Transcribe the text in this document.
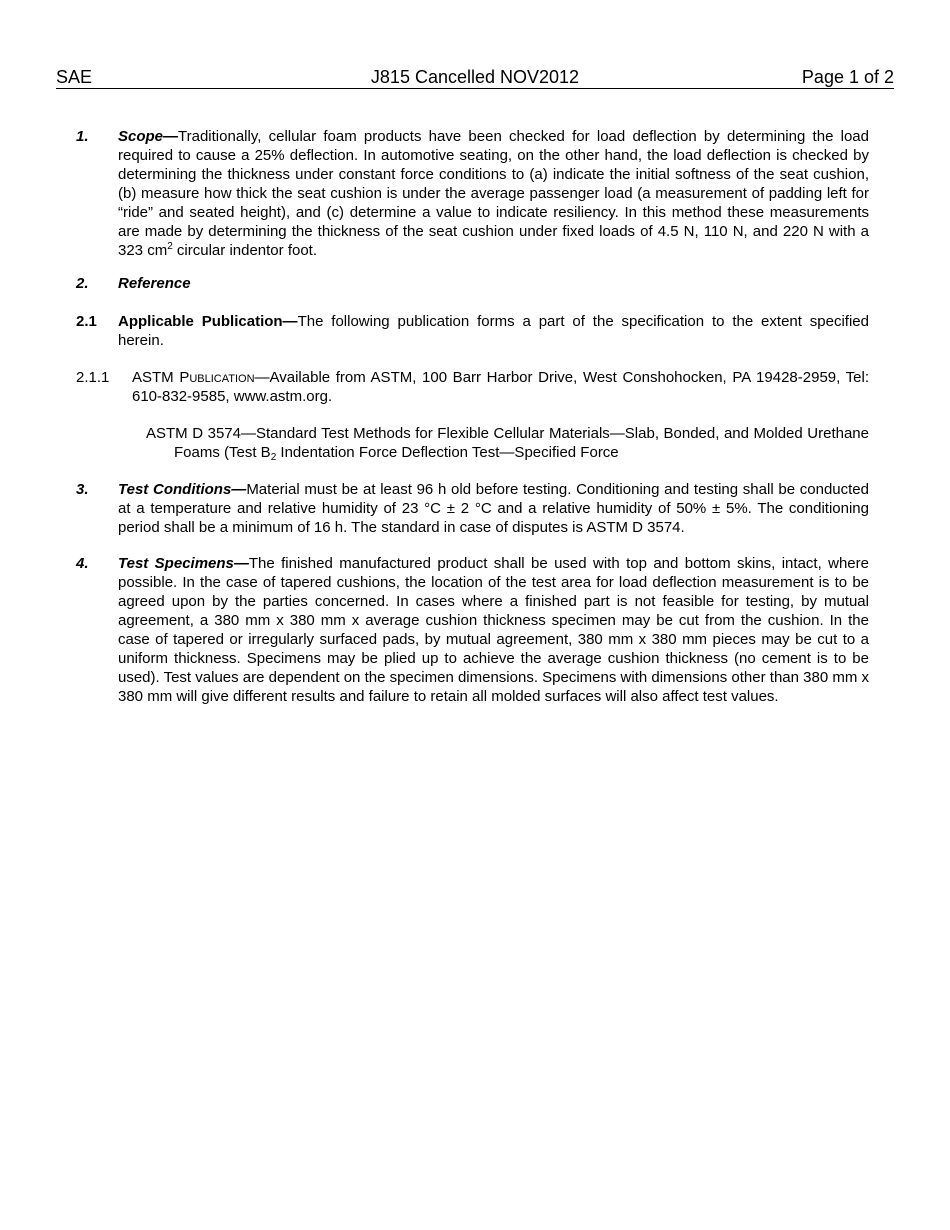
SAE	J815 Cancelled NOV2012	Page 1 of 2
1. Scope—Traditionally, cellular foam products have been checked for load deflection by determining the load required to cause a 25% deflection. In automotive seating, on the other hand, the load deflection is checked by determining the thickness under constant force conditions to (a) indicate the initial softness of the seat cushion, (b) measure how thick the seat cushion is under the average passenger load (a measurement of padding left for “ride” and seated height), and (c) determine a value to indicate resiliency. In this method these measurements are made by determining the thickness of the seat cushion under fixed loads of 4.5 N, 110 N, and 220 N with a 323 $cm^2$ circular indentor foot.
2. Reference
2.1 Applicable Publication—The following publication forms a part of the specification to the extent specified herein.
2.1.1 ASTM Publication—Available from ASTM, 100 Barr Harbor Drive, West Conshohocken, PA 19428-2959, Tel: 610-832-9585, www.astm.org.
ASTM D 3574—Standard Test Methods for Flexible Cellular Materials—Slab, Bonded, and Molded Urethane Foams (Test $B_2$ Indentation Force Deflection Test—Specified Force
3. Test Conditions—Material must be at least 96 h old before testing. Conditioning and testing shall be conducted at a temperature and relative humidity of 23 °C ± 2 °C and a relative humidity of 50% ± 5%. The conditioning period shall be a minimum of 16 h. The standard in case of disputes is ASTM D 3574.
4. Test Specimens—The finished manufactured product shall be used with top and bottom skins, intact, where possible. In the case of tapered cushions, the location of the test area for load deflection measurement is to be agreed upon by the parties concerned. In cases where a finished part is not feasible for testing, by mutual agreement, a 380 mm x 380 mm x average cushion thickness specimen may be cut from the cushion. In the case of tapered or irregularly surfaced pads, by mutual agreement, 380 mm x 380 mm pieces may be cut to a uniform thickness. Specimens may be plied up to achieve the average cushion thickness (no cement is to be used). Test values are dependent on the specimen dimensions. Specimens with dimensions other than 380 mm x 380 mm will give different results and failure to retain all molded surfaces will also affect test values.
